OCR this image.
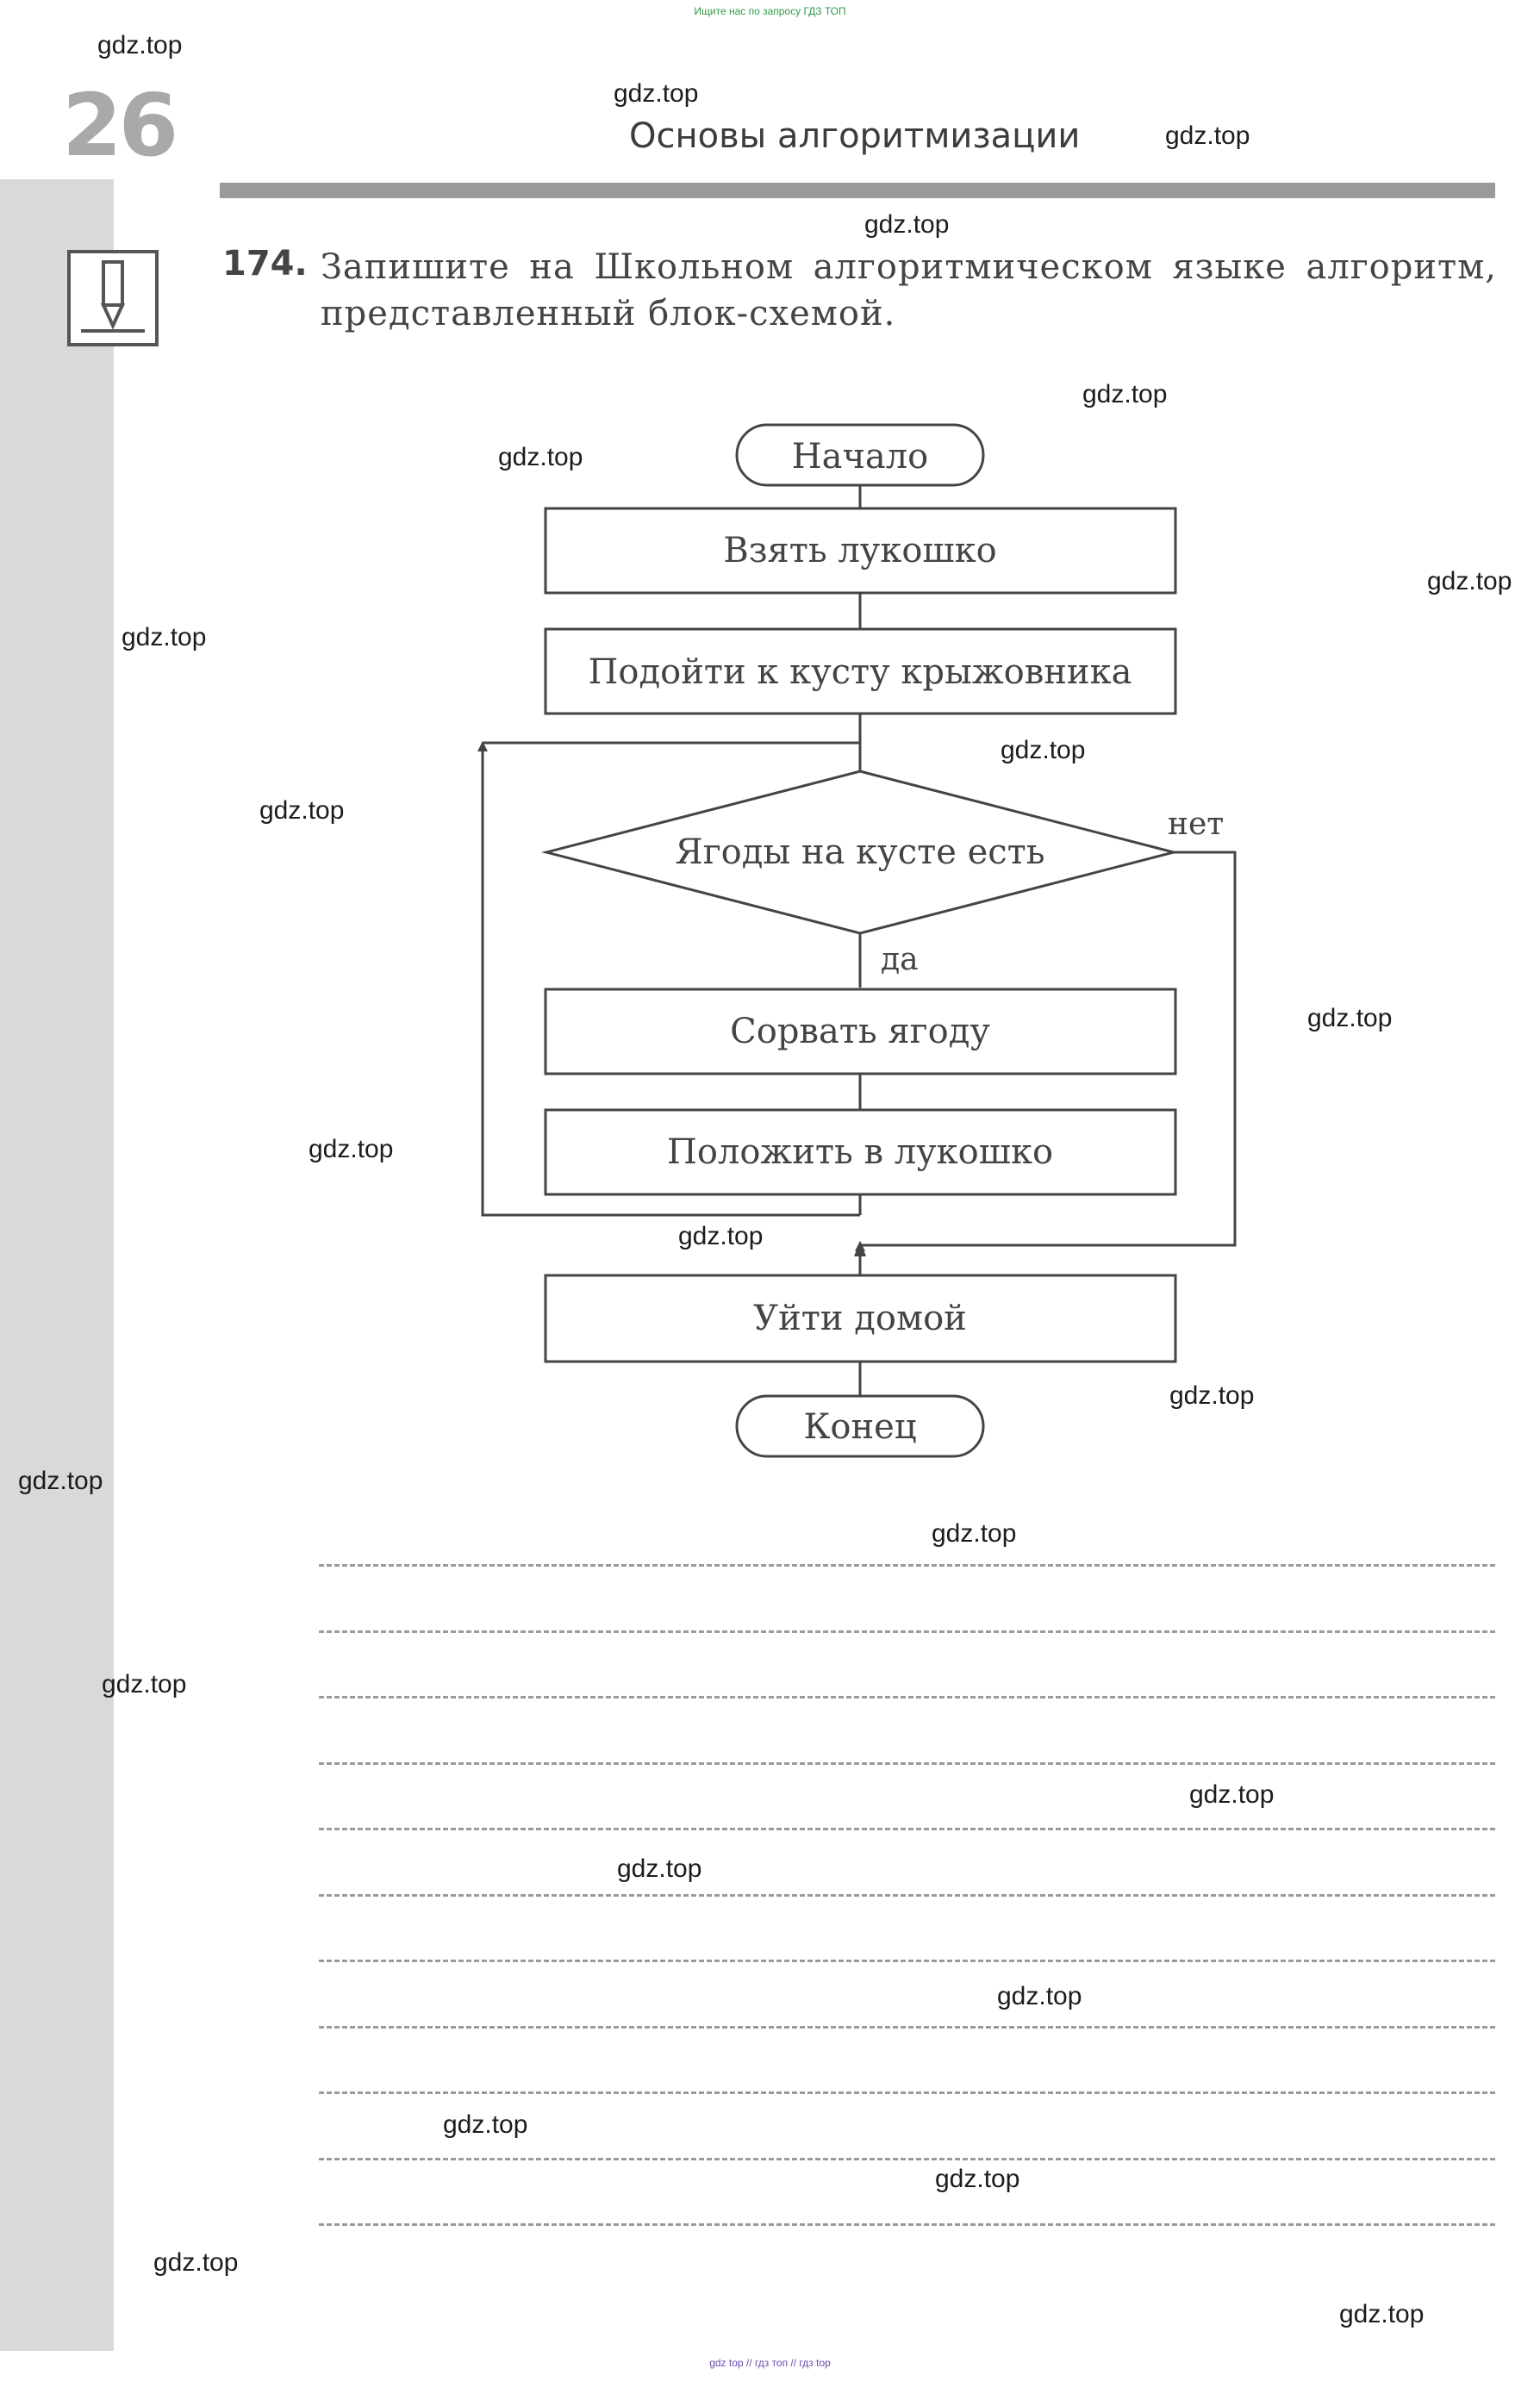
Ищите нас по запросу ГДЗ ТОП
26	Основы алгоритмизации
174. Запишите на Школьном алгоритмическом языке алгоритм, представленный блок-схемой.
Начало
Взять лукошко
Подойти к кусту крыжовника
Ягоды на кусте есть
Сорвать ягоду
Положить в лукошко
Уйти домой
Конец
да
нет
gdz.top
gdz.top
gdz.top
gdz.top
gdz.top
gdz.top
gdz.top
gdz.top
gdz.top
gdz.top
gdz.top
gdz.top
gdz.top
gdz.top
gdz.top
gdz.top
gdz.top
gdz.top
gdz.top
gdz.top
gdz.top
gdz.top
gdz.top
gdz.top
gdz top // гдз топ // гдз top
